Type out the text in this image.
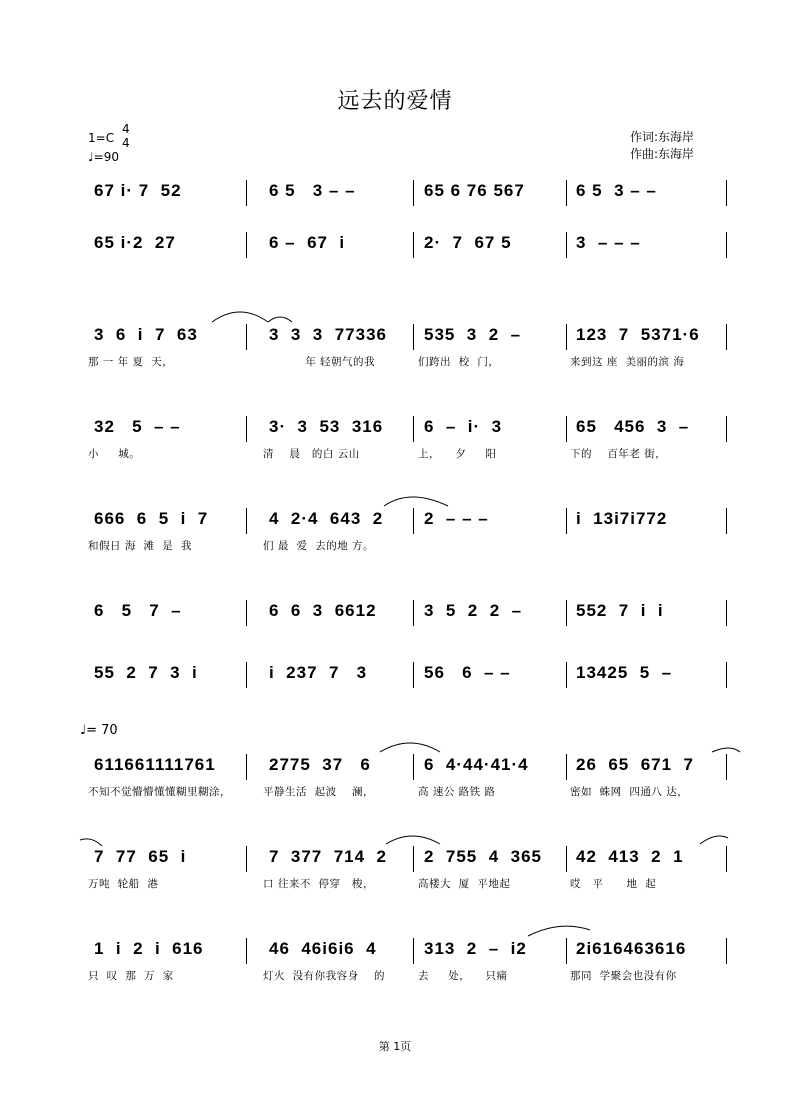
远去的爱情
1=C
4
4
♩=90
作词:东海岸
作曲:东海岸
♩= 70
67 i· 7  52	6 5   3 – –	65 6 76 567	6 5  3 – –
65 i·2  27	6 –  67  i	2·  7  67 5	3  – – –
3  6  i  7  63	3  3  3  77336 535  3  2  –	123  7  5371·6
那 一 年 夏  天，	年 轻朝气的我	们跨出  校  门，	来到这 座  美丽的滨 海
32   5  – –	3·  3  53  316 6  –  i·  3	65   456  3  –
小     城。	清    晨   的白 云山	上，    夕     阳	下的    百年老 街，
666  6  5  i  7	4  2·4  643  2 2  – – –	i  13i7i772
和假日 海  滩  是  我	们 最  爱  去的地 方。
6   5   7  –	6  6  3  6612	3  5  2  2  –	552  7  i  i
55  2  7  3  i	i  237  7   3	56   6  – –	13425  5  –
611661111761	2775  37   6	6  4·44·41·4	26  65  671  7
不知不觉懵懵懂懂糊里糊涂，	平静生活  起波    澜，	高 速公 路铁 路	密如  蛛网  四通八 达，
7  77  65  i	7  377  714  2 2  755  4  365 42  413  2  1
万吨  轮船  港	口 往来不  停穿   梭，	高楼大  厦  平地起	哎   平      地  起
1  i  2  i  616	46  46i6i6  4	313  2  –  i2	2i616463616
只  叹  那  万  家	灯火  没有你我容身    的	去     处，    只痛	那同  学聚会也没有你
第 1页
